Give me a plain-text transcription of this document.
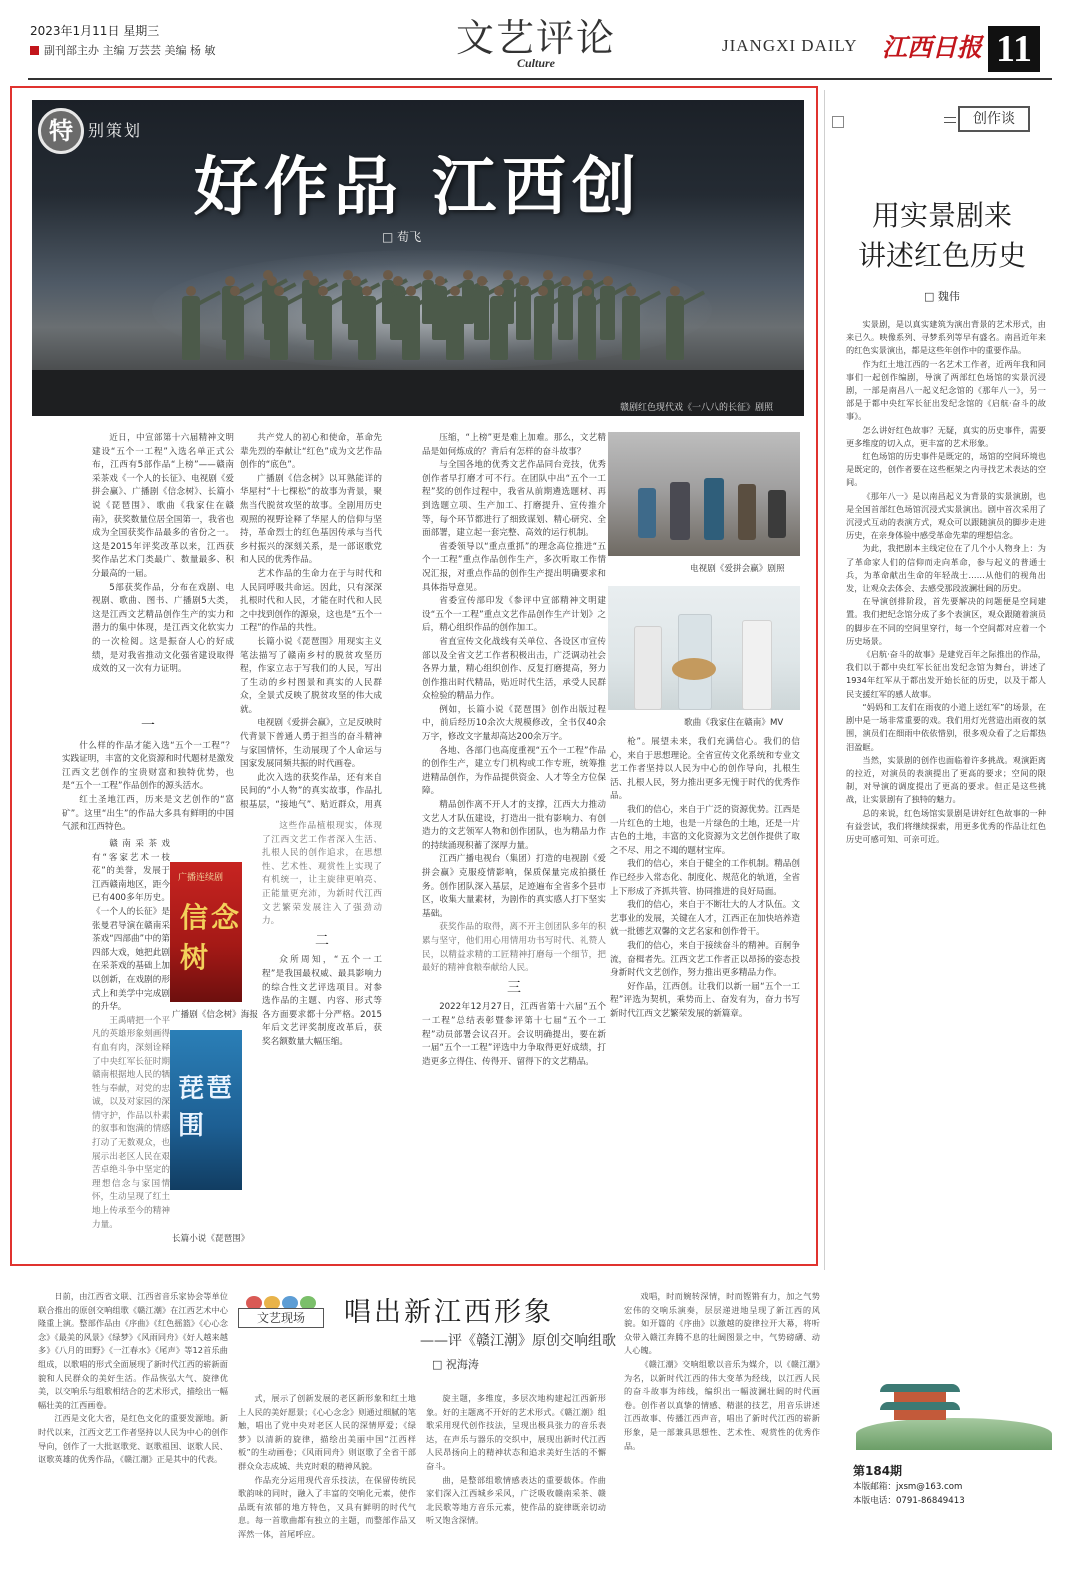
2023年1月11日 星期三
副刊部主办 主编 万芸芸 美编 杨 敏	文艺评论
Culture
JIANGXI DAILY 江西日报 11
特 别策划
好作品 江西创
□ 荀飞
赣剧红色现代戏《一八八的长征》剧照

近日，中宣部第十六届精神文明建设“五个一工程”入选名单正式公布，江西有5部作品“上榜”——赣南采茶戏《一个人的长征》、电视剧《爱拼会赢》、广播剧《信念树》、长篇小说《琵琶围》、歌曲《我家住在赣南》，获奖数量位居全国第一，我省也成为全国获奖作品最多的省份之一。这是2015年评奖改革以来，江西获奖作品艺术门类最广、数量最多、积分最高的一届。

5部获奖作品，分布在戏剧、电视剧、歌曲、图书、广播剧5大类，这是江西文艺精品创作生产的实力和潜力的集中体现，是江西文化软实力的一次检阅。这是振奋人心的好成绩，是对我省推动文化强省建设取得成效的又一次有力证明。

一

什么样的作品才能入选“五个一工程”？实践证明，丰富的文化资源和时代题材是激发江西文艺创作的宝贵财富和独特优势，也是“五个一工程”作品创作的源头活水。

红土圣地江西，历来是文艺创作的“富矿”。这里“出生”的作品大多具有鲜明的中国气派和江西特色。

赣南采茶戏有“客家艺术一枝花”的美誉，发展于江西赣南地区，距今已有400多年历史。《一个人的长征》是张曼君导演在赣南采茶戏“四部曲”中的第四部大戏，她把此剧在采茶戏的基础上加以创新，在戏剧的形式上和美学中完成剧的升华。

王禹晴把一个平凡的英雄形象刻画得有血有肉，深刻诠释了中央红军长征时期赣南根据地人民的牺牲与奉献，对党的忠诚，以及对家园的深情守护，作品以朴素的叙事和饱满的情感打动了无数观众，也展示出老区人民在艰苦卓绝斗争中坚定的理想信念与家国情怀，生动呈现了红土地上传承至今的精神力量。

广播连续剧
信念树
广播剧《信念树》海报
琵琶围
长篇小说《琵琶围》

共产党人的初心和使命，革命先辈先烈的奉献让“红色”成为文艺作品创作的“底色”。

广播剧《信念树》以耳熟能详的华屋村“十七棵松”的故事为背景，聚焦当代脱贫攻坚的故事。全剧用历史观照的视野诠释了华屋人的信仰与坚持，革命烈士的红色基因传承与当代乡村振兴的深刻关系，是一部讴歌党和人民的优秀作品。

艺术作品的生命力在于与时代和人民同呼吸共命运。因此，只有深深扎根时代和人民，才能在时代和人民之中找到创作的源泉，这也是“五个一工程”的作品的共性。

长篇小说《琵琶围》用现实主义笔法描写了赣南乡村的脱贫攻坚历程，作家立志于写我们的人民，写出了生动的乡村图景和真实的人民群众，全景式反映了脱贫攻坚的伟大成就。

电视剧《爱拼会赢》，立足反映时代背景下普通人勇于担当的奋斗精神与家国情怀，生动展现了个人命运与国家发展同频共振的时代画卷。

此次入选的获奖作品，还有来自民间的“小人物”的真实故事，作品扎根基层，“接地气”、贴近群众，用真

这些作品植根现实，体现了江西文艺工作者深入生活、扎根人民的创作追求，在思想性、艺术性、观赏性上实现了有机统一，让主旋律更响亮、正能量更充沛，为新时代江西文艺繁荣发展注入了强劲动力。

二

众所周知，“五个一工程”是我国最权威、最具影响力的综合性文艺评选项目。对参选作品的主题、内容、形式等各方面要求都十分严格。2015年后文艺评奖制度改革后，获奖名额数量大幅压缩。

压缩，“上榜”更是难上加难。那么，文艺精品是如何炼成的？背后有怎样的奋斗故事？

与全国各地的优秀文艺作品同台竞技，优秀创作者早打磨才可不行。在团队中出“五个一工程”奖的创作过程中，我省从前期遴选题材、再到选题立项、生产加工、打磨提升、宣传推介等，每个环节都进行了细致谋划、精心研究、全面部署，建立起一套完整、高效的运行机制。

省委领导以“重点重抓”的理念高位推进“五个一工程”重点作品创作生产，多次听取工作情况汇报，对重点作品的创作生产提出明确要求和具体指导意见。

省委宣传部印发《参评中宣部精神文明建设“五个一工程”重点文艺作品创作生产计划》之后，精心组织作品的创作加工。

省直宣传文化战线有关单位、各设区市宣传部以及全省文艺工作者积极出击，广泛调动社会各界力量，精心组织创作、反复打磨提高，努力创作推出时代精品，贴近时代生活，承受人民群众检验的精品力作。

例如，长篇小说《琵琶围》创作出版过程中，前后经历10余次大规模修改，全书仅40余万字，修改文字量却高达200余万字。

各地、各部门也高度重视“五个一工程”作品的创作生产，建立专门机构或工作专班，统筹推进精品创作，为作品提供资金、人才等全方位保障。

精品创作离不开人才的支撑，江西大力推动文艺人才队伍建设，打造出一批有影响力、有创造力的文艺领军人物和创作团队，也为精品力作的持续涌现积蓄了深厚力量。

江西广播电视台（集团）打造的电视剧《爱拼会赢》克服疫情影响，保质保量完成拍摄任务。创作团队深入基层，足迹遍布全省多个县市区，收集大量素材，为剧作的真实感人打下坚实基础。

获奖作品的取得，离不开主创团队多年的积累与坚守，他们用心用情用功书写时代、礼赞人民，以精益求精的工匠精神打磨每一个细节，把最好的精神食粮奉献给人民。

三

2022年12月27日，江西省第十六届“五个一工程”总结表彰暨参评第十七届“五个一工程”动员部署会议召开。会议明确提出，要在新一届“五个一工程”评选中力争取得更好成绩，打造更多立得住、传得开、留得下的文艺精品。

电视剧《爱拼会赢》剧照
歌曲《我家住在赣南》MV

枪”。展望未来，我们充满信心。我们的信心，来自于思想理论。全省宣传文化系统和专业文艺工作者坚持以人民为中心的创作导向，扎根生活、扎根人民，努力推出更多无愧于时代的优秀作品。

我们的信心，来自于广泛的资源优势。江西是一片红色的土地，也是一片绿色的土地，还是一片古色的土地，丰富的文化资源为文艺创作提供了取之不尽、用之不竭的题材宝库。

我们的信心，来自于健全的工作机制。精品创作已经步入常态化、制度化、规范化的轨道，全省上下形成了齐抓共管、协同推进的良好局面。

我们的信心，来自于不断壮大的人才队伍。文艺事业的发展，关键在人才，江西正在加快培养造就一批德艺双馨的文艺名家和创作骨干。

我们的信心，来自于接续奋斗的精神。百舸争流，奋楫者先。江西文艺工作者正以昂扬的姿态投身新时代文艺创作，努力推出更多精品力作。

好作品，江西创。让我们以新一届“五个一工程”评选为契机，乘势而上、奋发有为，奋力书写新时代江西文艺繁荣发展的新篇章。

创作谈
用实景剧来
讲述红色历史
□ 魏伟

实景剧，是以真实建筑为演出背景的艺术形式，由来已久。映像系列、寻梦系列等早有盛名。南昌近年来的红色实景演出，都是这些年创作中的重要作品。

作为红土地江西的一名艺术工作者，近两年我和同事们一起创作编剧，导演了两部红色场馆的实景沉浸剧，一部是南昌八一起义纪念馆的《那年八一》，另一部是于都中央红军长征出发纪念馆的《启航·奋斗的故事》。

怎么讲好红色故事？无疑，真实的历史事件，需要更多维度的切入点，更丰富的艺术形象。

红色场馆的历史事件是既定的，场馆的空间环境也是既定的，创作者要在这些框架之内寻找艺术表达的空间。

《那年八一》是以南昌起义为背景的实景演剧，也是全国首部红色场馆沉浸式实景演出。剧中首次采用了沉浸式互动的表演方式，观众可以跟随演员的脚步走进历史，在亲身体验中感受革命先辈的理想信念。

为此，我把剧本主线定位在了几个小人物身上：为了革命家人们的信仰而走向革命，参与起义的普通士兵，为革命献出生命的年轻战士……从他们的视角出发，让观众去体会、去感受那段波澜壮阔的历史。

在导演创排阶段，首先要解决的问题便是空间建置。我们把纪念馆分成了多个表演区，观众跟随着演员的脚步在不同的空间里穿行，每一个空间都对应着一个历史场景。

《启航·奋斗的故事》是建党百年之际推出的作品，我们以于都中央红军长征出发纪念馆为舞台，讲述了1934年红军从于都出发开始长征的历史，以及于都人民支援红军的感人故事。

“妈妈和工友们在雨夜的小道上送红军”的场景，在剧中是一场非常重要的戏。我们用灯光营造出雨夜的氛围，演员们在细雨中依依惜别，很多观众看了之后都热泪盈眶。

当然，实景剧的创作也面临着许多挑战。观演距离的拉近，对演员的表演提出了更高的要求；空间的限制，对导演的调度提出了更高的要求。但正是这些挑战，让实景剧有了独特的魅力。

总的来说，红色场馆实景剧是讲好红色故事的一种有益尝试，我们将继续探索，用更多优秀的作品让红色历史可感可知、可亲可近。

第184期
本版邮箱：jxsm@163.com
本版电话：0791-86849413

日前，由江西省文联、江西省音乐家协会等单位联合推出的原创交响组歌《赣江潮》在江西艺术中心隆重上演。整部作品由《序曲》《红色摇篮》《心心念念》《最美的风景》《绿梦》《风雨同舟》《好人越来越多》《八月的田野》《一江春水》《尾声》等12首乐曲组成，以歌唱的形式全面展现了新时代江西的崭新面貌和人民群众的美好生活。作品恢弘大气、旋律优美，以交响乐与组歌相结合的艺术形式，描绘出一幅幅壮美的江西画卷。

江西是文化大省，是红色文化的重要发源地。新时代以来，江西文艺工作者坚持以人民为中心的创作导向，创作了一大批讴歌党、讴歌祖国、讴歌人民、讴歌英雄的优秀作品，《赣江潮》正是其中的代表。

文艺现场	唱出新江西形象
——评《赣江潮》原创交响组歌
□ 祝海涛

式，展示了创新发展的老区新形象和红土地上人民的美好愿景；《心心念念》则通过细腻的笔触，唱出了党中央对老区人民的深情厚爱；《绿梦》以清新的旋律，描绘出美丽中国“江西样板”的生动画卷；《风雨同舟》则讴歌了全省干部群众众志成城、共克时艰的精神风貌。

作品充分运用现代音乐技法，在保留传统民歌韵味的同时，融入了丰富的交响化元素，使作品既有浓郁的地方特色，又具有鲜明的时代气息。每一首歌曲都有独立的主题，而整部作品又浑然一体，首尾呼应。

旋主题，多维度，多层次地构建起江西新形象。好的主题离不开好的艺术形式。《赣江潮》组歌采用现代创作技法，呈现出极具张力的音乐表达，在声乐与器乐的交织中，展现出新时代江西人民昂扬向上的精神状态和追求美好生活的不懈奋斗。

曲，是整部组歌情感表达的重要载体。作曲家们深入江西城乡采风，广泛吸收赣南采茶、赣北民歌等地方音乐元素，使作品的旋律既亲切动听又饱含深情。

戏唱，时而婉转深情，时而铿锵有力，加之气势宏伟的交响乐演奏，层层递进地呈现了新江西的风貌。如开篇的《序曲》以激越的旋律拉开大幕，将听众带入赣江奔腾不息的壮阔图景之中，气势磅礴、动人心魄。

《赣江潮》交响组歌以音乐为媒介，以《赣江潮》为名，以新时代江西的伟大变革为经线，以江西人民的奋斗故事为纬线，编织出一幅波澜壮阔的时代画卷。创作者以真挚的情感、精湛的技艺，用音乐讲述江西故事、传播江西声音，唱出了新时代江西的崭新形象，是一部兼具思想性、艺术性、观赏性的优秀作品。
